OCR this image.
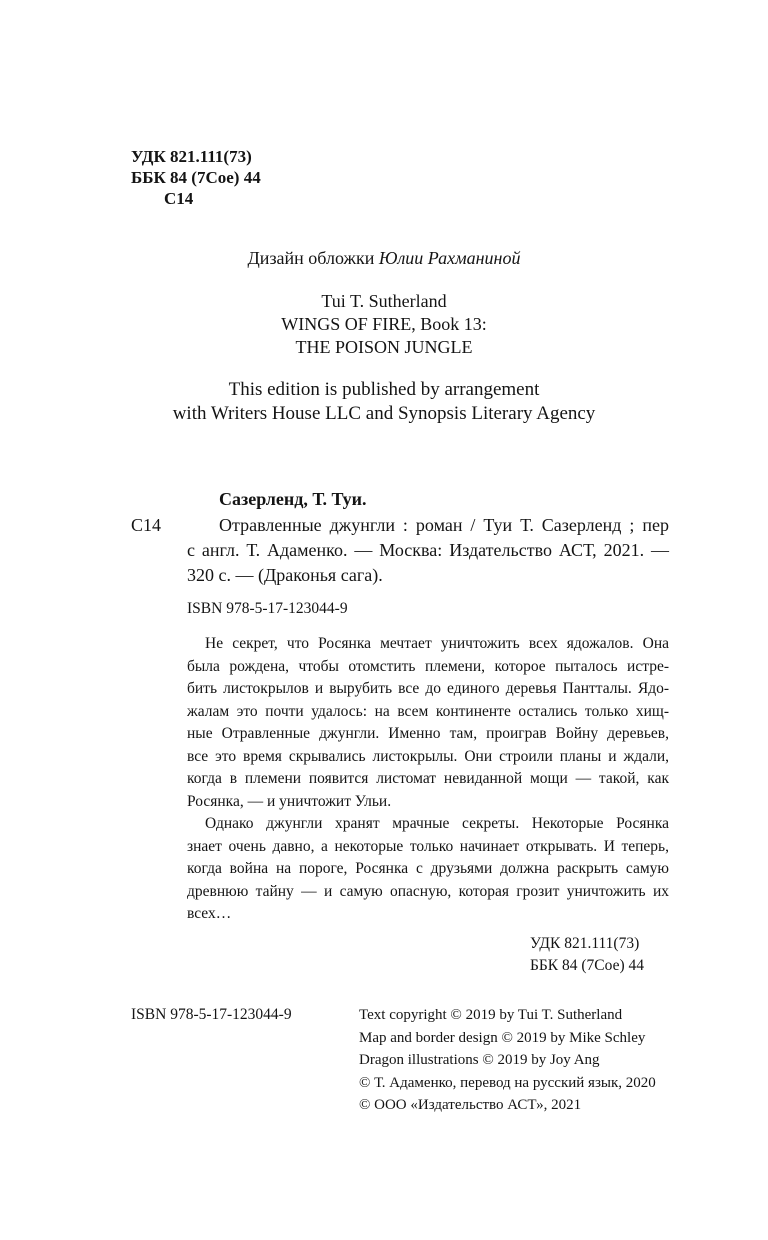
УДК 821.111(73)
ББК 84 (7Сое) 44
С14
Дизайн обложки Юлии Рахманиной
Tui T. Sutherland
WINGS OF FIRE, Book 13:
THE POISON JUNGLE
This edition is published by arrangement
with Writers House LLC and Synopsis Literary Agency
Сазерленд, Т. Туи.
С14	Отравленные джунгли : роман / Туи Т. Сазерленд ; пер
с англ. Т. Адаменко. — Москва: Издательство АСТ, 2021. —
320 с. — (Драконья сага).
ISBN 978-5-17-123044-9
Не секрет, что Росянка мечтает уничтожить всех ядожалов. Она
была рождена, чтобы отомстить племени, которое пыталось истре-
бить листокрылов и вырубить все до единого деревья Пантталы. Ядо-
жалам это почти удалось: на всем континенте остались только хищ-
ные Отравленные джунгли. Именно там, проиграв Войну деревьев,
все это время скрывались листокрылы. Они строили планы и ждали,
когда в племени появится листомат невиданной мощи — такой, как
Росянка, — и уничтожит Ульи.
Однако джунгли хранят мрачные секреты. Некоторые Росянка
знает очень давно, а некоторые только начинает открывать. И теперь,
когда война на пороге, Росянка с друзьями должна раскрыть самую
древнюю тайну — и самую опасную, которая грозит уничтожить их
всех…
УДК 821.111(73)
ББК 84 (7Сое) 44
ISBN 978-5-17-123044-9	Text copyright © 2019 by Tui T. Sutherland
Map and border design © 2019 by Mike Schley
Dragon illustrations © 2019 by Joy Ang
© Т. Адаменко, перевод на русский язык, 2020
© ООО «Издательство АСТ», 2021
